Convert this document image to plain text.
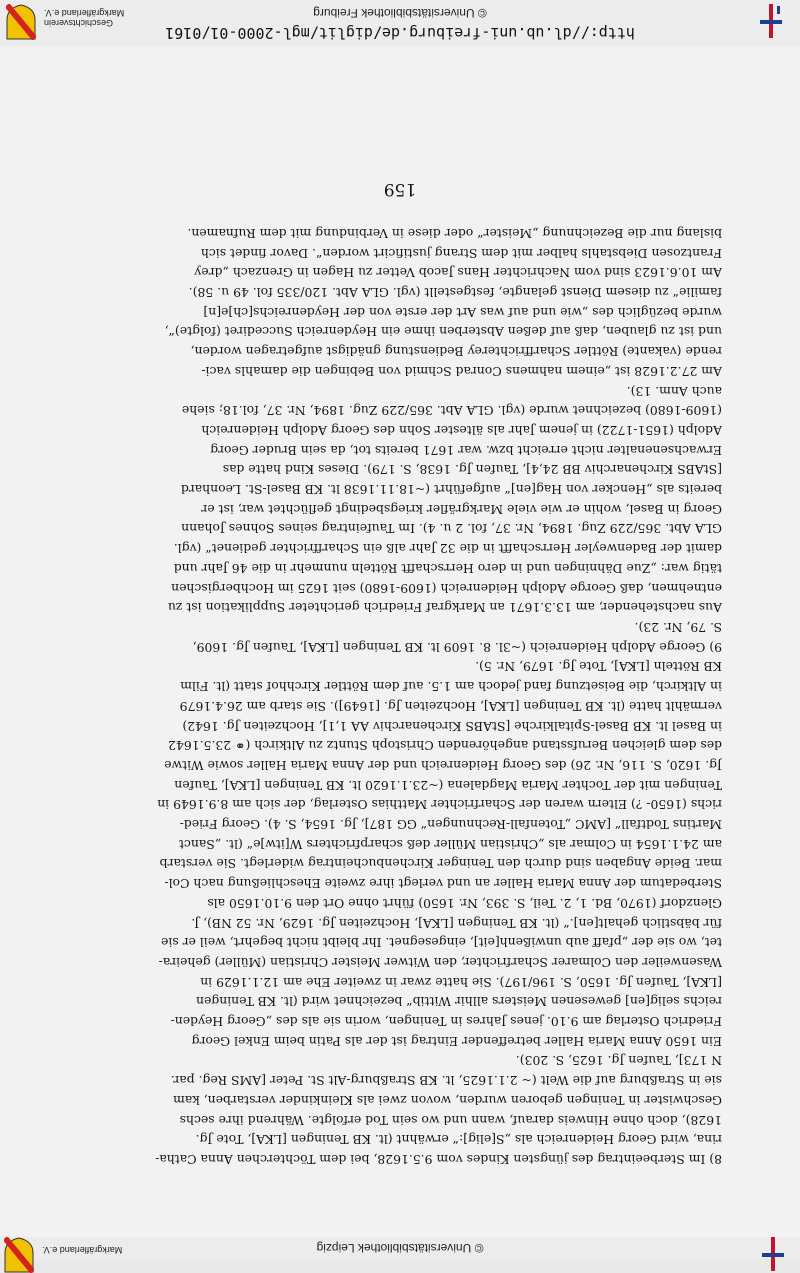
© Universitätsbibliothek Leipzig
Markgräflerland e.V.
8) Im Sterbeeintrag des jüngsten Kindes vom 9.5.1628, bei dem Töchterchen Anna Catha-
rina, wird Georg Heidenreich als „S[elig]:“ erwähnt (lt. KB Teningen [LKA], Tote Jg.
1628), doch ohne Hinweis darauf, wann und wo sein Tod erfolgte. Während ihre sechs
Geschwister in Teningen geboren wurden, wovon zwei als Kleinkinder verstarben, kam
sie in Straßburg auf die Welt (~ 2.1.1625, lt. KB Straßburg-Alt St. Peter [AMS Reg. par.
N 173], Taufen Jg. 1625, S. 203).
Ein 1650 Anna Maria Haller betreffender Eintrag ist der als Patin beim Enkel Georg
Friedrich Osterlag am 9.10. jenes Jahres in Teningen, worin sie als des „Georg Heyden-
reichs selig[en] gewesenen Meisters allhir Wittib“ bezeichnet wird (lt. KB Teningen
[LKA], Taufen Jg. 1650, S. 196/197). Sie hatte zwar in zweiter Ehe am 12.1.1629 in
Wasenweiler den Colmarer Scharfrichter, den Witwer Meister Christian (Müller) geheira-
tet, wo sie der „pfaff aub unwißenh[eit], eingesegnet. Ihr bleibt nicht begehrt, weil er sie
für bäbstlich gehalt[en].“ (lt. KB Teningen [LKA], Hochzeiten Jg. 1629, Nr. 52 NB), J.
Glenzdorf (1970, Bd. 1, 2. Teil, S. 393, Nr. 1650) führt ohne Ort den 9.10.1650 als
Sterbedatum der Anna Maria Haller an und verlegt ihre zweite Eheschließung nach Col-
mar. Beide Angaben sind durch den Teninger Kirchenbucheintrag widerlegt. Sie verstarb
am 24.1.1654 in Colmar als „Christian Müller deß scharpfrichters W[itw]e“ (lt. „Sanct
Martins Todtfall“ [AMC „Totenfall-Rechnungen“ GG 187], Jg. 1654, S. 4). Georg Fried-
richs (1650- ?) Eltern waren der Scharfrichter Matthias Osterlag, der sich am 8.9.1649 in
Teningen mit der Tochter Maria Magdalena (~23.1.1620 lt. KB Teningen [LKA], Taufen
Jg. 1620, S. 116, Nr. 26) des Georg Heidenreich und der Anna Maria Haller sowie Witwe
des dem gleichen Berufsstand angehörenden Christoph Stuntz zu Altkirch (⚭ 23.5.1642
in Basel lt. KB Basel-Spitalkirche [StABS Kirchenarchiv AA 1,1], Hochzeiten Jg. 1642)
vermählt hatte (lt. KB Teningen [LKA], Hochzeiten Jg. [1649]). Sie starb am 26.4.1679
in Altkirch, die Beisetzung fand jedoch am 1.5. auf dem Röttler Kirchhof statt (lt. Film
KB Rötteln [LKA], Tote Jg. 1679, Nr. 5).
9) George Adolph Heidenreich (~3l. 8. 1609 lt. KB Teningen [LKA], Taufen Jg. 1609,
S. 79, Nr. 23).
Aus nachstehender, am 13.3.1671 an Markgraf Friedrich gerichteter Supplikation ist zu
entnehmen, daß George Adolph Heidenreich (1609-1680) seit 1625 im Hochbergischen
tätig war: „Zue Dähningen und in dero Herrschafft Rötteln nunmehr in die 46 Jahr und
damit der Badenweyler Herrschafft in die 32 Jahr alß ein Scharffrichter gedienet“ (vgl.
GLA Abt. 365/229 Zug. 1894, Nr. 37, fol. 2 u. 4). Im Taufeintrag seines Sohnes Johann
Georg in Basel, wohin er wie viele Markgräfler kriegsbedingt geflüchtet war, ist er
bereits als „Hencker von Hag[en]“ aufgeführt (~18.11.1638 lt. KB Basel-St. Leonhard
[StABS Kirchenarchiv BB 24,4], Taufen Jg. 1638, S. 179). Dieses Kind hatte das
Erwachsenenalter nicht erreicht bzw. war 1671 bereits tot, da sein Bruder Georg
Adolph (1651-1722) in jenem Jahr als ältester Sohn des Georg Adolph Heidenreich
(1609-1680) bezeichnet wurde (vgl. GLA Abt. 365/229 Zug. 1894, Nr. 37, fol.18; siehe
auch Anm. 13).
Am 27.2.1628 ist „einem nahmens Conrad Schmid von Bebingen die damahls vaci-
rende (vakante) Röttler Scharffrichterey Bedienstung gnädigst aufgetragen worden,
und ist zu glauben, daß auf deßen Absterben ihme ein Heydenreich Succediret (folgte)“,
wurde bezüglich des „wie und auf was Art der erste von der Heydenreichs[ch]e[n]
familie“ zu diesem Dienst gelangte, festgestellt (vgl. GLA Abt. 120/335 fol. 49 u. 58).
Am 10.6.1623 sind vom Nachrichter Hans Jacob Vetter zu Hagen in Grenzach „drey
Frantzosen Diebstahls halber mit dem Strang justificirt worden“. Davor findet sich
bislang nur die Bezeichnung „Meister“ oder diese in Verbindung mit dem Rufnamen.
159
http://dl.ub.uni-freiburg.de/diglit/mgl-2000-01/0161
© Universitätsbibliothek Freiburg
Geschichtsverein
Markgräflerland e.V.
